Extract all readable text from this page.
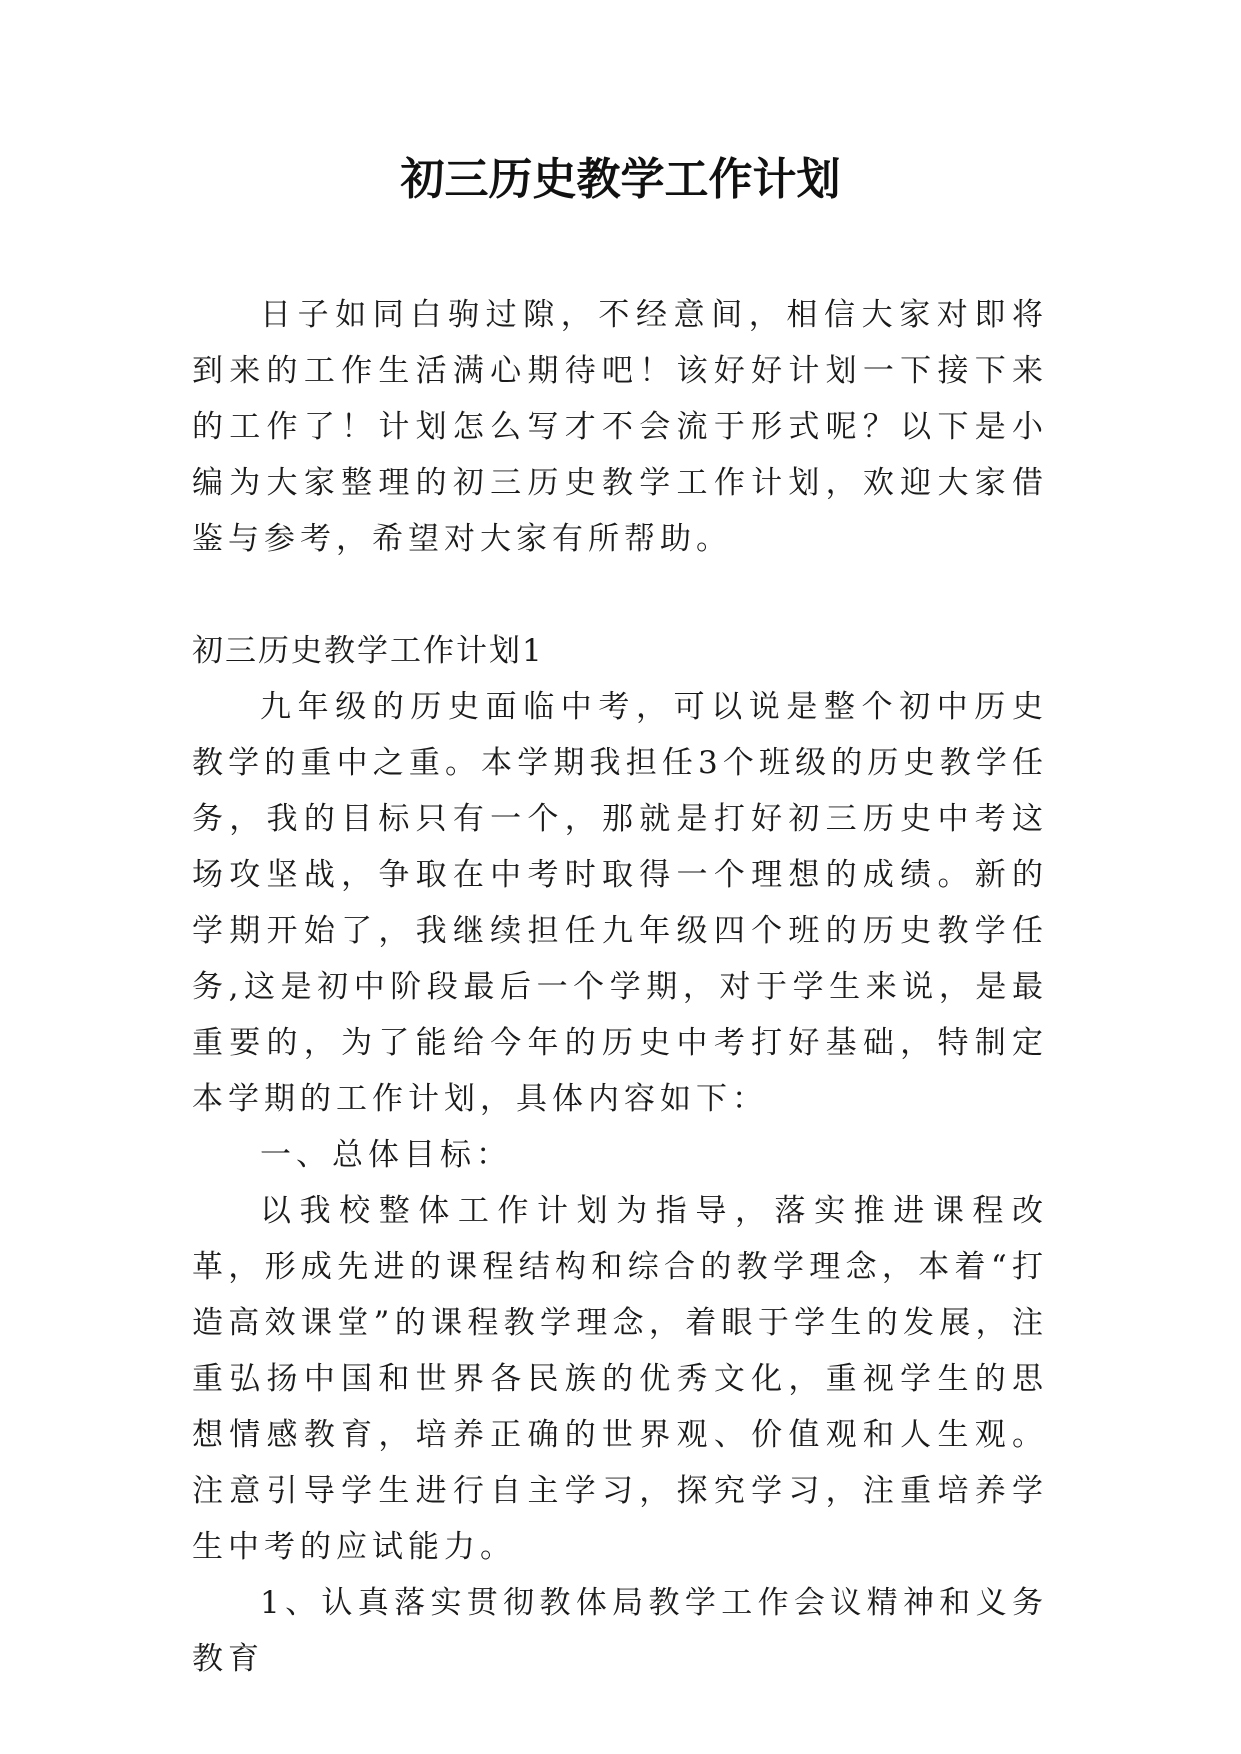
初三历史教学工作计划

日子如同白驹过隙，不经意间，相信大家对即将到来的工作生活满心期待吧！该好好计划一下接下来的工作了！计划怎么写才不会流于形式呢？以下是小编为大家整理的初三历史教学工作计划，欢迎大家借鉴与参考，希望对大家有所帮助。

初三历史教学工作计划1

九年级的历史面临中考，可以说是整个初中历史教学的重中之重。本学期我担任3个班级的历史教学任务，我的目标只有一个，那就是打好初三历史中考这场攻坚战，争取在中考时取得一个理想的成绩。新的学期开始了，我继续担任九年级四个班的历史教学任务,这是初中阶段最后一个学期，对于学生来说，是最重要的，为了能给今年的历史中考打好基础，特制定本学期的工作计划，具体内容如下：

一、总体目标：

以我校整体工作计划为指导，落实推进课程改革，形成先进的课程结构和综合的教学理念，本着“打造高效课堂”的课程教学理念，着眼于学生的发展，注重弘扬中国和世界各民族的优秀文化，重视学生的思想情感教育，培养正确的世界观、价值观和人生观。注意引导学生进行自主学习，探究学习，注重培养学生中考的应试能力。

1、认真落实贯彻教体局教学工作会议精神和义务教育
